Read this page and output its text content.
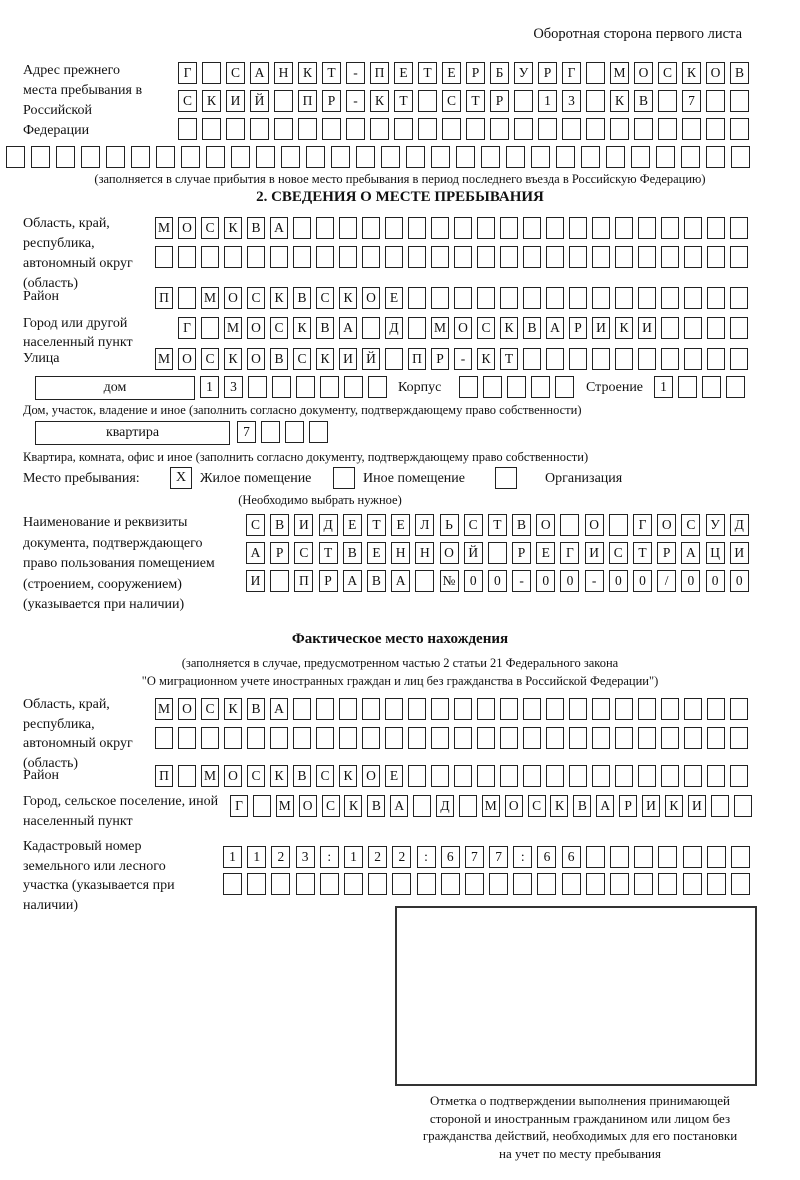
Оборотная сторона первого листа
Адрес прежнего места пребывания в Российской Федерации
Г	С	А	Н	К	Т	-	П	Е	Т	Е	Р	Б	У	Р	Г	М О	С	К	О	В
С	К	И	Й	П	Р	-	К	Т	С	Т	Р	1	3	К	В	7
(заполняется в случае прибытия в новое место пребывания в период последнего въезда в Российскую Федерацию)
2. СВЕДЕНИЯ О МЕСТЕ ПРЕБЫВАНИЯ
Область, край, республика, автономный округ (область)
М О	С	К	В	А
Район	П	М О	С	К	В	С	К	О	Е
Город или другой населенный пункт
Г	М О	С	К	В	А	Д	М О	С	К	В	А	Р	И	К	И
Улица	М О	С	К	О	В	С	К	И Й	П	Р	-	К	Т
дом	1	3	Корпус	Строение	1
Дом, участок, владение и иное (заполнить согласно документу, подтверждающему право собственности)
квартира	7
Квартира, комната, офис и иное (заполнить согласно документу, подтверждающему право собственности)
Место пребывания:	X Жилое помещение	Иное помещение	Организация
(Необходимо выбрать нужное)
Наименование и реквизиты документа, подтверждающего право пользования помещением (строением, сооружением) (указывается при наличии)
С	В	И	Д	Е	Т	Е	Л	Ь	С	Т	В	О	О	Г	О	С	У	Д
А	Р	С	Т	В	Е	Н	Н	О	Й	Р	Е	Г	И	С	Т	Р	А	Ц	И
И	П	Р	А	В	А	№	0	0	-	0	0	-	0	0	/	0	0	0
Фактическое место нахождения
(заполняется в случае, предусмотренном частью 2 статьи 21 Федерального закона
"О миграционном учете иностранных граждан и лиц без гражданства в Российской Федерации")
Область, край, республика, автономный округ (область)
М О	С	К	В	А
Район	П	М О	С	К	В	С	К	О	Е
Город, сельское поселение, иной населенный пункт
Г	М О	С	К	В	А	Д	М О	С	К	В	А	Р	И	К	И
Кадастровый номер земельного или лесного участка (указывается при наличии)
1	1	2	3	:	1	2	2	:	6	7	7	:	6	6
Отметка о подтверждении выполнения принимающей
стороной и иностранным гражданином или лицом без
гражданства действий, необходимых для его постановки
на учет по месту пребывания
